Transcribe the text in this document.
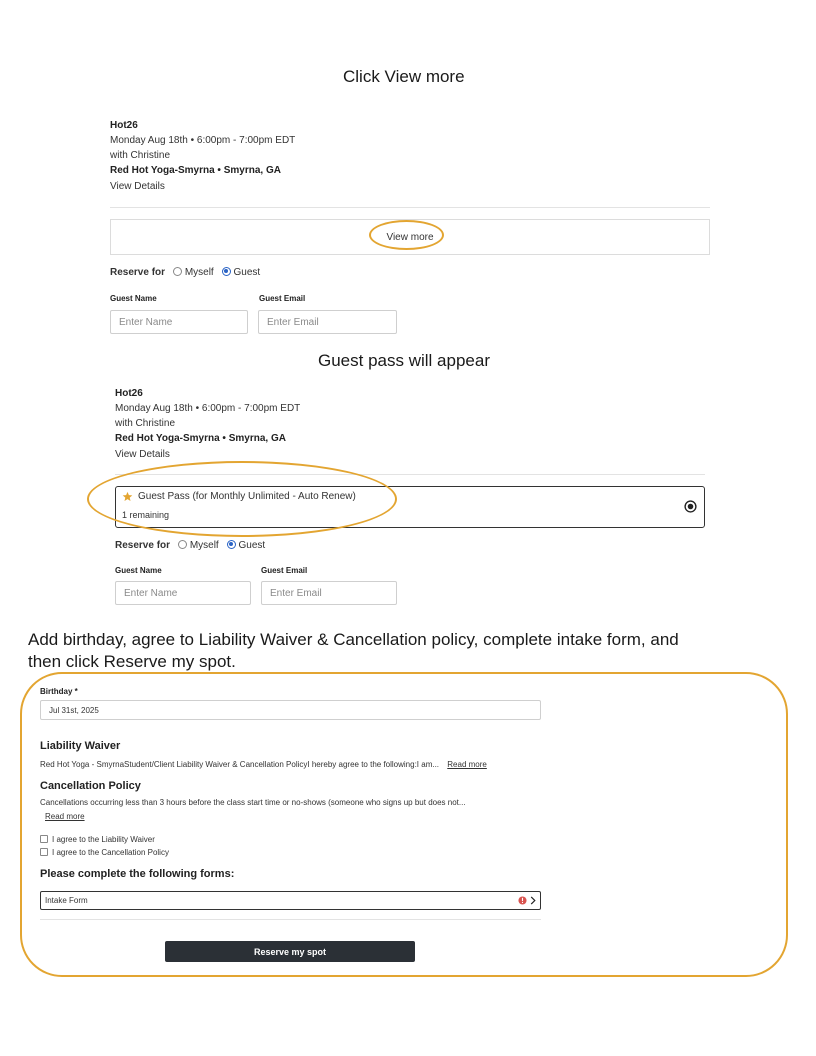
Click View more
Hot26
Monday Aug 18th • 6:00pm - 7:00pm EDT
with Christine
Red Hot Yoga-Smyrna • Smyrna, GA
View Details
View more
Reserve for Myself Guest
Guest Name	Guest Email
Enter Name	Enter Email
Guest pass will appear
Hot26
Monday Aug 18th • 6:00pm - 7:00pm EDT
with Christine
Red Hot Yoga-Smyrna • Smyrna, GA
View Details
Guest Pass (for Monthly Unlimited - Auto Renew)
1 remaining
Reserve for Myself Guest
Guest Name	Guest Email
Enter Name	Enter Email
Add birthday, agree to Liability Waiver & Cancellation policy, complete intake form, and
then click Reserve my spot.
Birthday *
Jul 31st, 2025
Liability Waiver
Red Hot Yoga - SmyrnaStudent/Client Liability Waiver & Cancellation PolicyI hereby agree to the following:I am... Read more
Cancellation Policy
Cancellations occurring less than 3 hours before the class start time or no-shows (someone who signs up but does not...
Read more
I agree to the Liability Waiver
I agree to the Cancellation Policy
Please complete the following forms:
Intake Form
Reserve my spot
